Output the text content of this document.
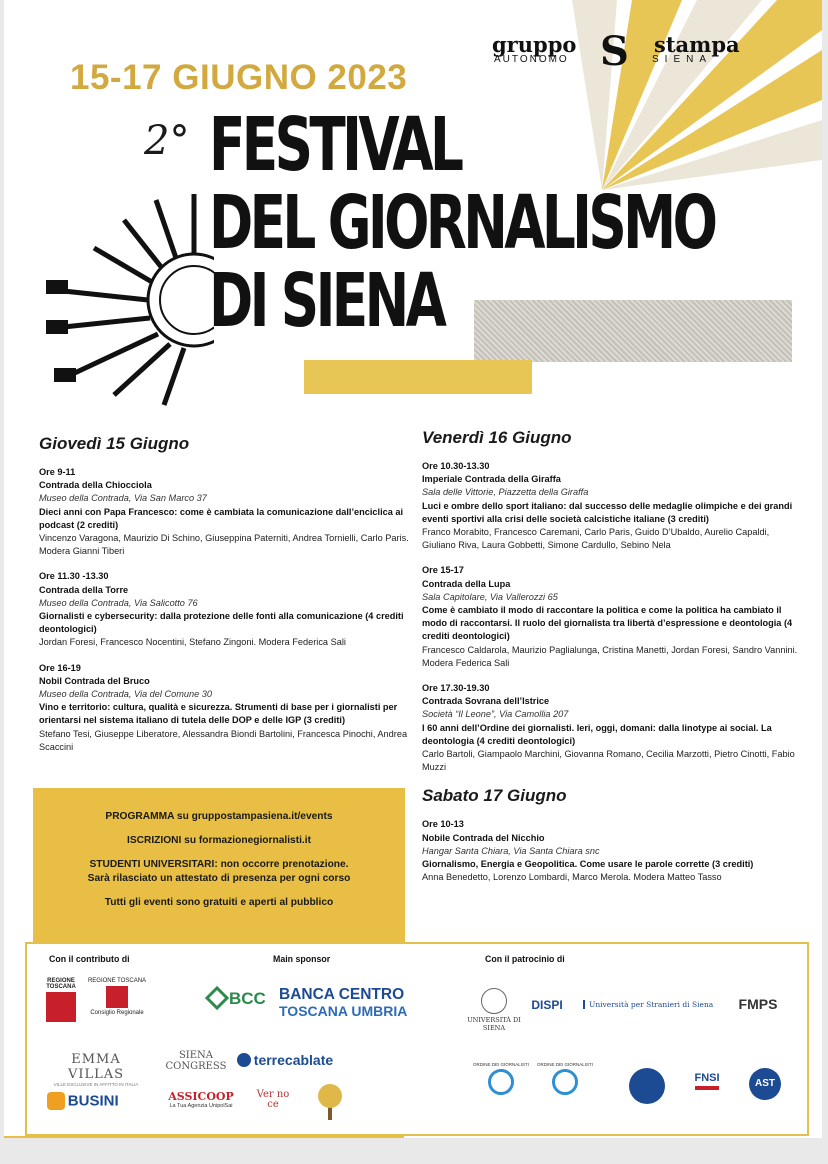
15-17 GIUGNO 2023
2° FESTIVAL
DEL GIORNALISMO
DI SIENA
gruppo S stampa
AUTONOMO	SIENA
Giovedì 15 Giugno
Ore 9-11
Contrada della Chiocciola
Museo della Contrada, Via San Marco 37
Dieci anni con Papa Francesco: come è cambiata la comunicazione dall’enciclica ai podcast (2 crediti)
Vincenzo Varagona, Maurizio Di Schino, Giuseppina Paterniti, Andrea Tornielli, Carlo Paris. Modera Gianni Tiberi
Ore 11.30 -13.30
Contrada della Torre
Museo della Contrada, Via Salicotto 76
Giornalisti e cybersecurity: dalla protezione delle fonti alla comunicazione (4 crediti deontologici)
Jordan Foresi, Francesco Nocentini, Stefano Zingoni. Modera Federica Sali
Ore 16-19
Nobil Contrada del Bruco
Museo della Contrada, Via del Comune 30
Vino e territorio: cultura, qualità e sicurezza. Strumenti di base per i giornalisti per orientarsi nel sistema italiano di tutela delle DOP e delle IGP (3 crediti)
Stefano Tesi, Giuseppe Liberatore, Alessandra Biondi Bartolini, Francesca Pinochi, Andrea Scaccini
Venerdì 16 Giugno
Ore 10.30-13.30
Imperiale Contrada della Giraffa
Sala delle Vittorie, Piazzetta della Giraffa
Luci e ombre dello sport italiano: dal successo delle medaglie olimpiche e dei grandi eventi sportivi alla crisi delle società calcistiche italiane (3 crediti)
Franco Morabito, Francesco Caremani, Carlo Paris, Guido D’Ubaldo, Aurelio Capaldi, Giuliano Riva, Laura Gobbetti, Simone Cardullo, Sebino Nela
Ore 15-17
Contrada della Lupa
Sala Capitolare, Via Vallerozzi 65
Come è cambiato il modo di raccontare la politica e come la politica ha cambiato il modo di raccontarsi. Il ruolo del giornalista tra libertà d’espressione e deontologia (4 crediti deontologici)
Francesco Caldarola, Maurizio Paglialunga, Cristina Manetti, Jordan Foresi, Sandro Vannini. Modera Federica Sali
Ore 17.30-19.30
Contrada Sovrana dell’Istrice
Società “Il Leone”, Via Camollia 207
I 60 anni dell’Ordine dei giornalisti. Ieri, oggi, domani: dalla linotype ai social. La deontologia (4 crediti deontologici)
Carlo Bartoli, Giampaolo Marchini, Giovanna Romano, Cecilia Marzotti, Pietro Cinotti, Fabio Muzzi
Sabato 17 Giugno
Ore 10-13
Nobile Contrada del Nicchio
Hangar Santa Chiara, Via Santa Chiara snc
Giornalismo, Energia e Geopolitica. Come usare le parole corrette (3 crediti)
Anna Benedetto, Lorenzo Lombardi, Marco Merola. Modera Matteo Tasso

PROGRAMMA su gruppostampasiena.it/events

ISCRIZIONI su formazionegiornalisti.it

STUDENTI UNIVERSITARI: non occorre prenotazione.

Sarà rilasciato un attestato di presenza per ogni corso

Tutti gli eventi sono gratuiti e aperti al pubblico

Con il contributo di	Main sponsor	Con il patrocinio di
REGIONE TOSCANA
REGIONE TOSCANA
Consiglio Regionale
EMMA VILLAS
VILLE ESCLUSIVE IN AFFITTO IN ITALIA
SIENA CONGRESS	terrecablate
BUSINI	ASSICOOP
La Tua Agenzia UnipolSai
Ver no ce
BCC BANCA CENTRO
TOSCANA UMBRIA
UNIVERSITÀ DI SIENA
DISPI	Università per Stranieri di Siena	FMPS
ORDINE DEI GIORNALISTI ORDINE DEI GIORNALISTI
FNSI	AST
